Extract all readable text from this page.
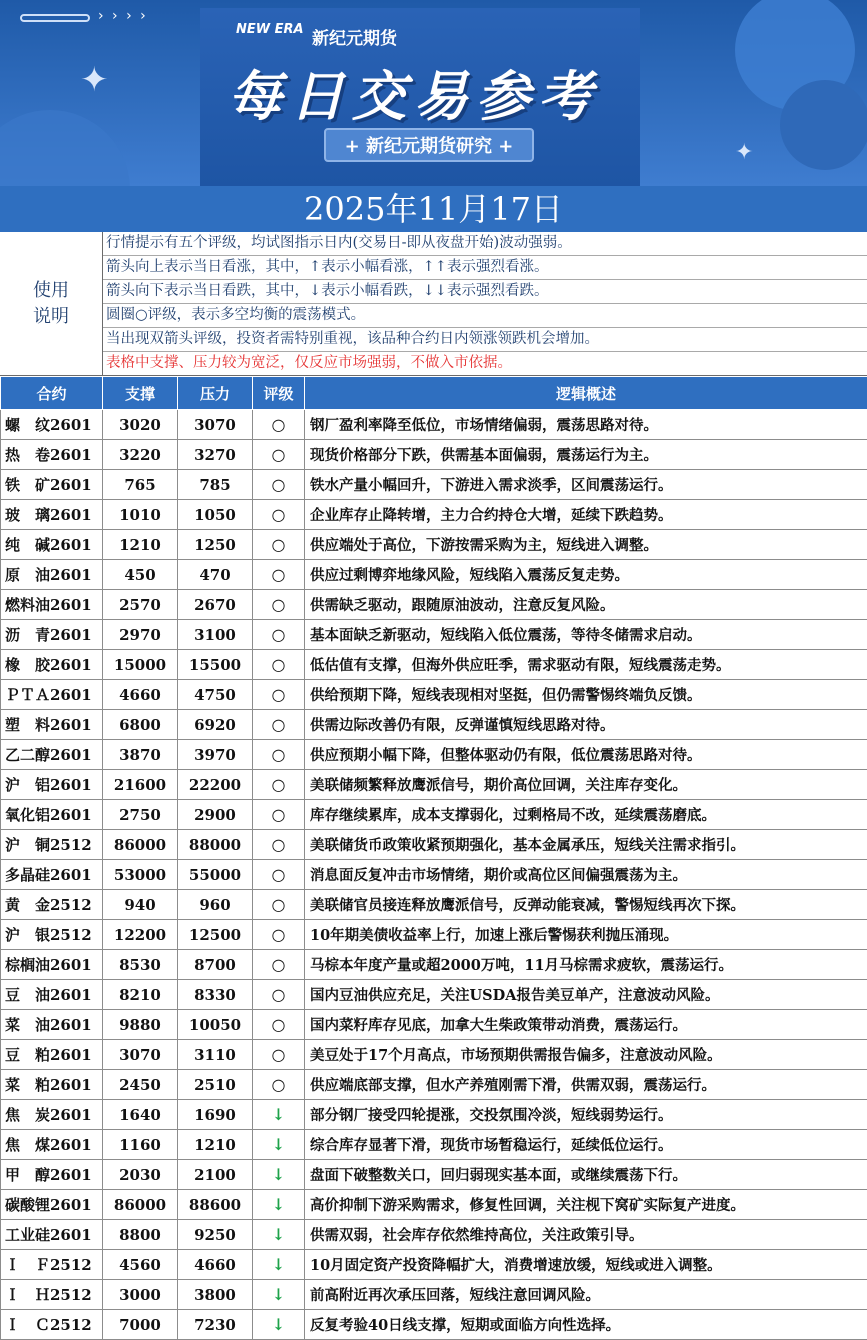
› › › ›
✦
✦
NEW ERA 新纪元期货
每日交易参考
+ 新纪元期货研究 +
2025年11月17日
使用说明
行情提示有五个评级，均试图指示日内(交易日-即从夜盘开始)波动强弱。
箭头向上表示当日看涨，其中，↑表示小幅看涨，↑↑表示强烈看涨。
箭头向下表示当日看跌，其中，↓表示小幅看跌，↓↓表示强烈看跌。
圆圈○评级，表示多空均衡的震荡模式。
当出现双箭头评级，投资者需特别重视，该品种合约日内领涨领跌机会增加。
表格中支撑、压力较为宽泛，仅反应市场强弱，不做入市依据。
合约	支撑	压力	评级	逻辑概述
螺　纹2601	3020	3070	○	钢厂盈利率降至低位，市场情绪偏弱，震荡思路对待。
热　卷2601	3220	3270	○	现货价格部分下跌，供需基本面偏弱，震荡运行为主。
铁　矿2601	765	785	○	铁水产量小幅回升，下游进入需求淡季，区间震荡运行。
玻　璃2601	1010	1050	○	企业库存止降转增，主力合约持仓大增，延续下跌趋势。
纯　碱2601	1210	1250	○	供应端处于高位，下游按需采购为主，短线进入调整。
原　油2601	450	470	○	供应过剩博弈地缘风险，短线陷入震荡反复走势。
燃料油2601	2570	2670	○	供需缺乏驱动，跟随原油波动，注意反复风险。
沥　青2601	2970	3100	○	基本面缺乏新驱动，短线陷入低位震荡，等待冬储需求启动。
橡　胶2601	15000	15500	○	低估值有支撑，但海外供应旺季，需求驱动有限，短线震荡走势。
ＰＴＡ2601	4660	4750	○	供给预期下降，短线表现相对坚挺，但仍需警惕终端负反馈。
塑　料2601	6800	6920	○	供需边际改善仍有限，反弹谨慎短线思路对待。
乙二醇2601	3870	3970	○	供应预期小幅下降，但整体驱动仍有限，低位震荡思路对待。
沪　铝2601	21600	22200	○	美联储频繁释放鹰派信号，期价高位回调，关注库存变化。
氧化铝2601	2750	2900	○	库存继续累库，成本支撑弱化，过剩格局不改，延续震荡磨底。
沪　铜2512	86000	88000	○	美联储货币政策收紧预期强化，基本金属承压，短线关注需求指引。
多晶硅2601	53000	55000	○	消息面反复冲击市场情绪，期价或高位区间偏强震荡为主。
黄　金2512	940	960	○	美联储官员接连释放鹰派信号，反弹动能衰减，警惕短线再次下探。
沪　银2512	12200	12500	○	10年期美债收益率上行，加速上涨后警惕获利抛压涌现。
棕榈油2601	8530	8700	○	马棕本年度产量或超2000万吨，11月马棕需求疲软，震荡运行。
豆　油2601	8210	8330	○	国内豆油供应充足，关注USDA报告美豆单产，注意波动风险。
菜　油2601	9880	10050	○	国内菜籽库存见底，加拿大生柴政策带动消费，震荡运行。
豆　粕2601	3070	3110	○	美豆处于17个月高点，市场预期供需报告偏多，注意波动风险。
菜　粕2601	2450	2510	○	供应端底部支撑，但水产养殖刚需下滑，供需双弱，震荡运行。
焦　炭2601	1640	1690	↓	部分钢厂接受四轮提涨，交投氛围冷淡，短线弱势运行。
焦　煤2601	1160	1210	↓	综合库存显著下滑，现货市场暂稳运行，延续低位运行。
甲　醇2601	2030	2100	↓	盘面下破整数关口，回归弱现实基本面，或继续震荡下行。
碳酸锂2601	86000	88600	↓	高价抑制下游采购需求，修复性回调，关注枧下窝矿实际复产进度。
工业硅2601	8800	9250	↓	供需双弱，社会库存依然维持高位，关注政策引导。
Ｉ　Ｆ2512	4560	4660	↓	10月固定资产投资降幅扩大，消费增速放缓，短线或进入调整。
Ｉ　Ｈ2512	3000	3800	↓	前高附近再次承压回落，短线注意回调风险。
Ｉ　Ｃ2512	7000	7230	↓	反复考验40日线支撑，短期或面临方向性选择。
